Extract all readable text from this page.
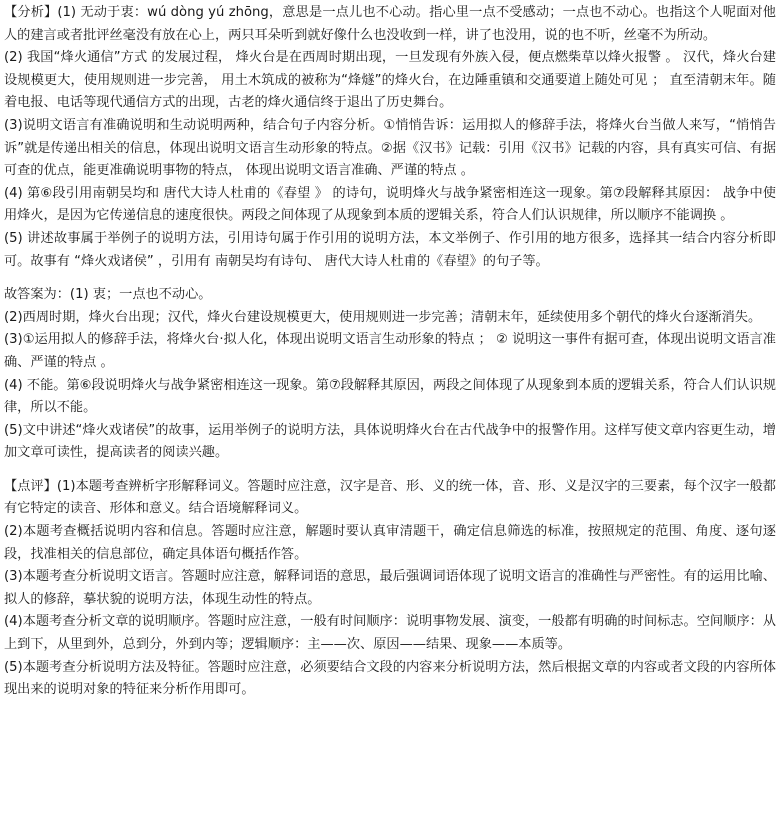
【分析】(1) 无动于衷：wú dòng yú zhōng，意思是一点儿也不心动。指心里一点不受感动；一点也不动心。也指这个人呢面对他人的建言或者批评丝毫没有放在心上，两只耳朵听到就好像什么也没收到一样，讲了也没用，说的也不听，丝毫不为所动。

(2) 我国“烽火通信”方式 的发展过程， 烽火台是在西周时期出现，一旦发现有外族入侵，便点燃柴草以烽火报警 。 汉代，烽火台建设规模更大，使用规则进一步完善， 用土木筑成的被称为“烽燧”的烽火台，在边陲重镇和交通要道上随处可见 ； 直至清朝末年。随着电报、电话等现代通信方式的出现，古老的烽火通信终于退出了历史舞台。

(3)说明文语言有准确说明和生动说明两种，结合句子内容分析。①悄悄告诉：运用拟人的修辞手法，将烽火台当做人来写，“悄悄告诉”就是传递出相关的信息，体现出说明文语言生动形象的特点。②据《汉书》记载：引用《汉书》记载的内容，具有真实可信、有据可查的优点，能更准确说明事物的特点， 体现出说明文语言准确、严谨的特点 。

(4) 第⑥段引用南朝吴均和 唐代大诗人杜甫的《春望 》 的诗句，说明烽火与战争紧密相连这一现象。第⑦段解释其原因： 战争中使用烽火，是因为它传递信息的速度很快。两段之间体现了从现象到本质的逻辑关系，符合人们认识规律，所以顺序不能调换 。

(5) 讲述故事属于举例子的说明方法，引用诗句属于作引用的说明方法，本文举例子、作引用的地方很多，选择其一结合内容分析即可。故事有 “烽火戏诸侯” ，引用有 南朝吴均有诗句、 唐代大诗人杜甫的《春望》的句子等。

故答案为：(1) 衷；一点也不动心。

(2)西周时期，烽火台出现；汉代，烽火台建设规模更大，使用规则进一步完善；清朝末年，延续使用多个朝代的烽火台逐渐消失。

(3)①运用拟人的修辞手法，将烽火台·拟人化，体现出说明文语言生动形象的特点 ； ② 说明这一事件有据可查，体现出说明文语言准确、严谨的特点 。

(4) 不能。第⑥段说明烽火与战争紧密相连这一现象。第⑦段解释其原因，两段之间体现了从现象到本质的逻辑关系，符合人们认识规律，所以不能。

(5)文中讲述“烽火戏诸侯”的故事，运用举例子的说明方法，具体说明烽火台在古代战争中的报警作用。这样写使文章内容更生动，增加文章可读性，提高读者的阅读兴趣。

【点评】(1)本题考查辨析字形解释词义。答题时应注意，汉字是音、形、义的统一体，音、形、义是汉字的三要素，每个汉字一般都有它特定的读音、形体和意义。结合语境解释词义。

(2)本题考查概括说明内容和信息。答题时应注意，解题时要认真审清题干，确定信息筛选的标准，按照规定的范围、角度、逐句逐段，找准相关的信息部位，确定具体语句概括作答。

(3)本题考查分析说明文语言。答题时应注意，解释词语的意思，最后强调词语体现了说明文语言的准确性与严密性。有的运用比喻、拟人的修辞，摹状貌的说明方法，体现生动性的特点。

(4)本题考查分析文章的说明顺序。答题时应注意，一般有时间顺序：说明事物发展、演变，一般都有明确的时间标志。空间顺序：从上到下，从里到外，总到分，外到内等；逻辑顺序：主——次、原因——结果、现象——本质等。

(5)本题考查分析说明方法及特征。答题时应注意，必须要结合文段的内容来分析说明方法，然后根据文章的内容或者文段的内容所体现出来的说明对象的特征来分析作用即可。
